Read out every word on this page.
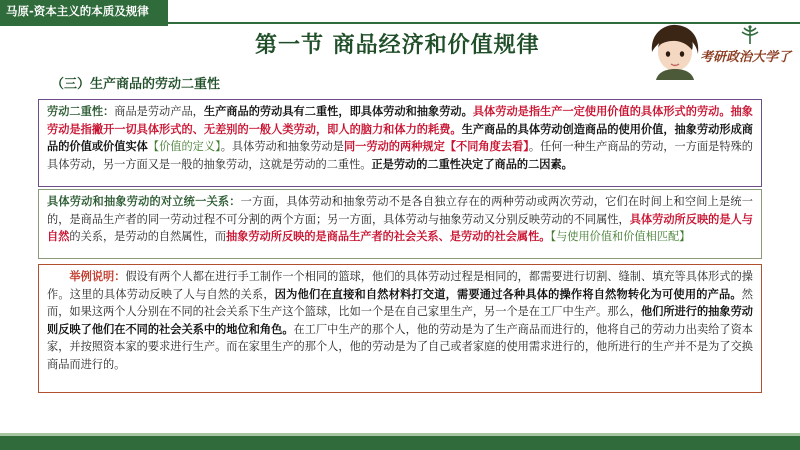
马原-资本主义的本质及规律
第一节 商品经济和价值规律	考研政治大学了
（三）生产商品的劳动二重性
劳动二重性：商品是劳动产品，生产商品的劳动具有二重性，即具体劳动和抽象劳动。具体劳动是指生产一定使用价值的具体形式的劳动。抽象劳动是指撇开一切具体形式的、无差别的一般人类劳动，即人的脑力和体力的耗费。生产商品的具体劳动创造商品的使用价值，抽象劳动形成商品的价值或价值实体【价值的定义】。具体劳动和抽象劳动是同一劳动的两种规定【不同角度去看】。任何一种生产商品的劳动，一方面是特殊的具体劳动，另一方面又是一般的抽象劳动，这就是劳动的二重性。正是劳动的二重性决定了商品的二因素。
具体劳动和抽象劳动的对立统一关系：一方面，具体劳动和抽象劳动不是各自独立存在的两种劳动或两次劳动，它们在时间上和空间上是统一的，是商品生产者的同一劳动过程不可分割的两个方面；另一方面，具体劳动与抽象劳动又分别反映劳动的不同属性，具体劳动所反映的是人与自然的关系，是劳动的自然属性，而抽象劳动所反映的是商品生产者的社会关系、是劳动的社会属性。【与使用价值和价值相匹配】
　　举例说明：假设有两个人都在进行手工制作一个相同的篮球，他们的具体劳动过程是相同的，都需要进行切割、缝制、填充等具体形式的操作。这里的具体劳动反映了人与自然的关系，因为他们在直接和自然材料打交道，需要通过各种具体的操作将自然物转化为可使用的产品。然而，如果这两个人分别在不同的社会关系下生产这个篮球，比如一个是在自己家里生产，另一个是在工厂中生产。那么，他们所进行的抽象劳动则反映了他们在不同的社会关系中的地位和角色。在工厂中生产的那个人，他的劳动是为了生产商品而进行的，他将自己的劳动力出卖给了资本家，并按照资本家的要求进行生产。而在家里生产的那个人，他的劳动是为了自己或者家庭的使用需求进行的，他所进行的生产并不是为了交换商品而进行的。
